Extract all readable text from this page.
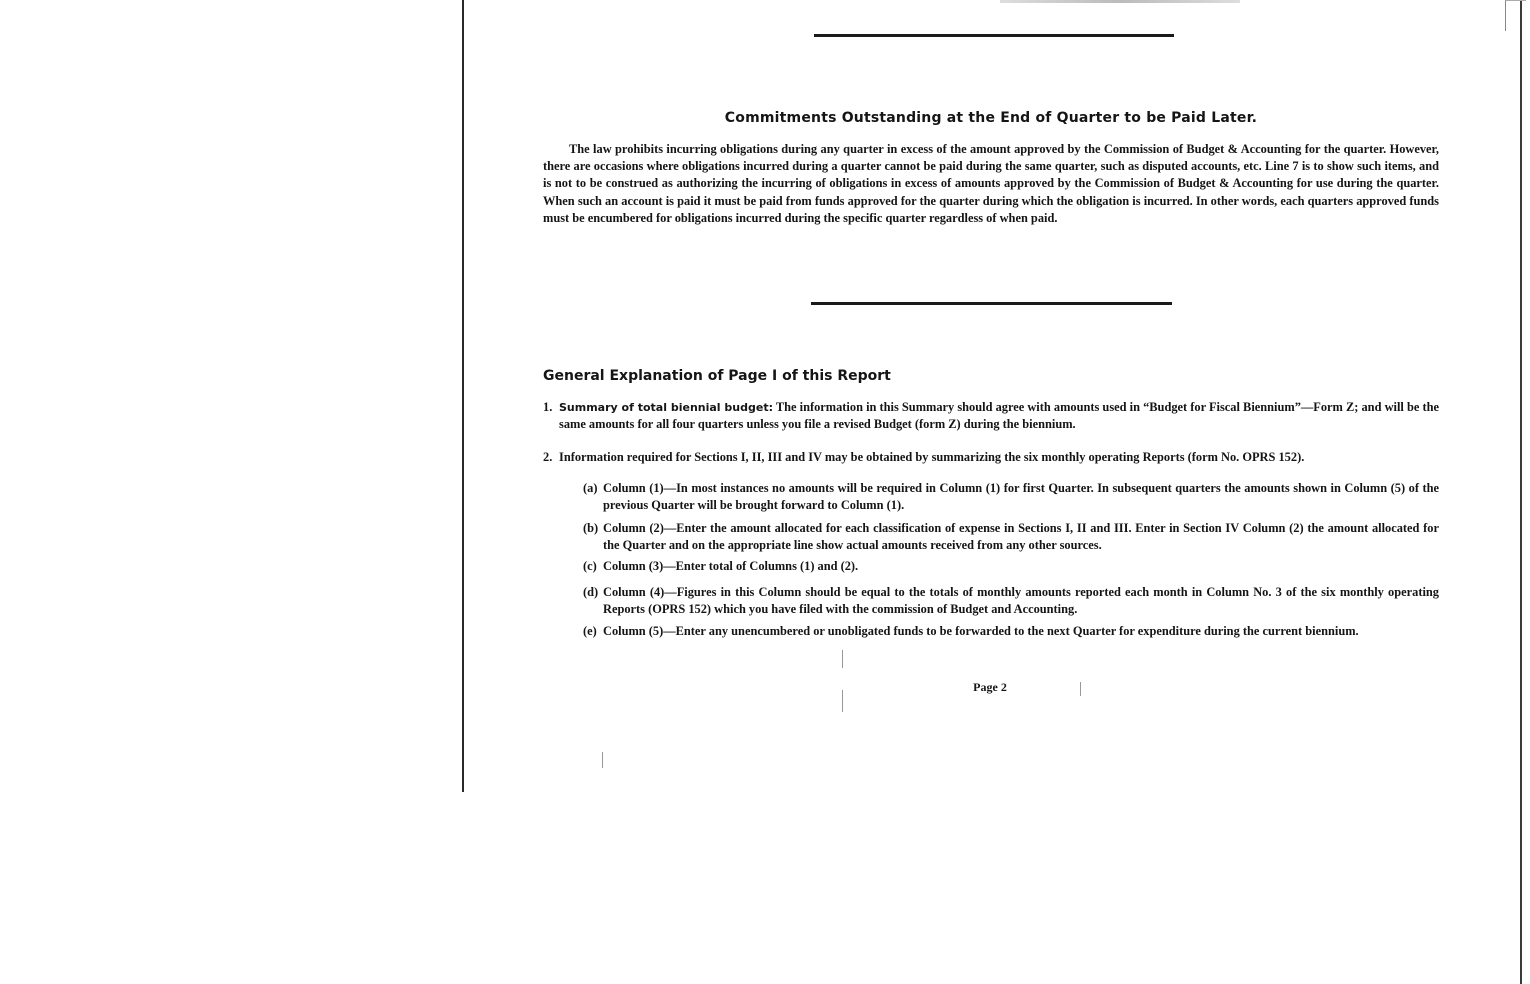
Commitments Outstanding at the End of Quarter to be Paid Later.

The law prohibits incurring obligations during any quarter in excess of the amount approved by the Commission of Budget & Accounting for the quarter. However, there are occasions where obligations incurred during a quarter cannot be paid during the same quarter, such as disputed accounts, etc. Line 7 is to show such items, and is not to be construed as authorizing the incurring of obligations in excess of amounts approved by the Commission of Budget & Accounting for use during the quarter. When such an account is paid it must be paid from funds approved for the quarter during which the obligation is incurred. In other words, each quarters approved funds must be encumbered for obligations incurred during the specific quarter regardless of when paid.

General Explanation of Page I of this Report
1. Summary of total biennial budget: The information in this Summary should agree with amounts used in “Budget for Fiscal Biennium”—Form Z; and will be the same amounts for all four quarters unless you file a revised Budget (form Z) during the biennium.
2. Information required for Sections I, II, III and IV may be obtained by summarizing the six monthly operating Reports (form No. OPRS 152).
(a) Column (1)—In most instances no amounts will be required in Column (1) for first Quarter. In subsequent quarters the amounts shown in Column (5) of the previous Quarter will be brought forward to Column (1).
(b) Column (2)—Enter the amount allocated for each classification of expense in Sections I, II and III. Enter in Section IV Column (2) the amount allocated for the Quarter and on the appropriate line show actual amounts received from any other sources.
(c) Column (3)—Enter total of Columns (1) and (2).
(d) Column (4)—Figures in this Column should be equal to the totals of monthly amounts reported each month in Column No. 3 of the six monthly operating Reports (OPRS 152) which you have filed with the commission of Budget and Accounting.
(e) Column (5)—Enter any unencumbered or unobligated funds to be forwarded to the next Quarter for expenditure during the current biennium.
Page 2
